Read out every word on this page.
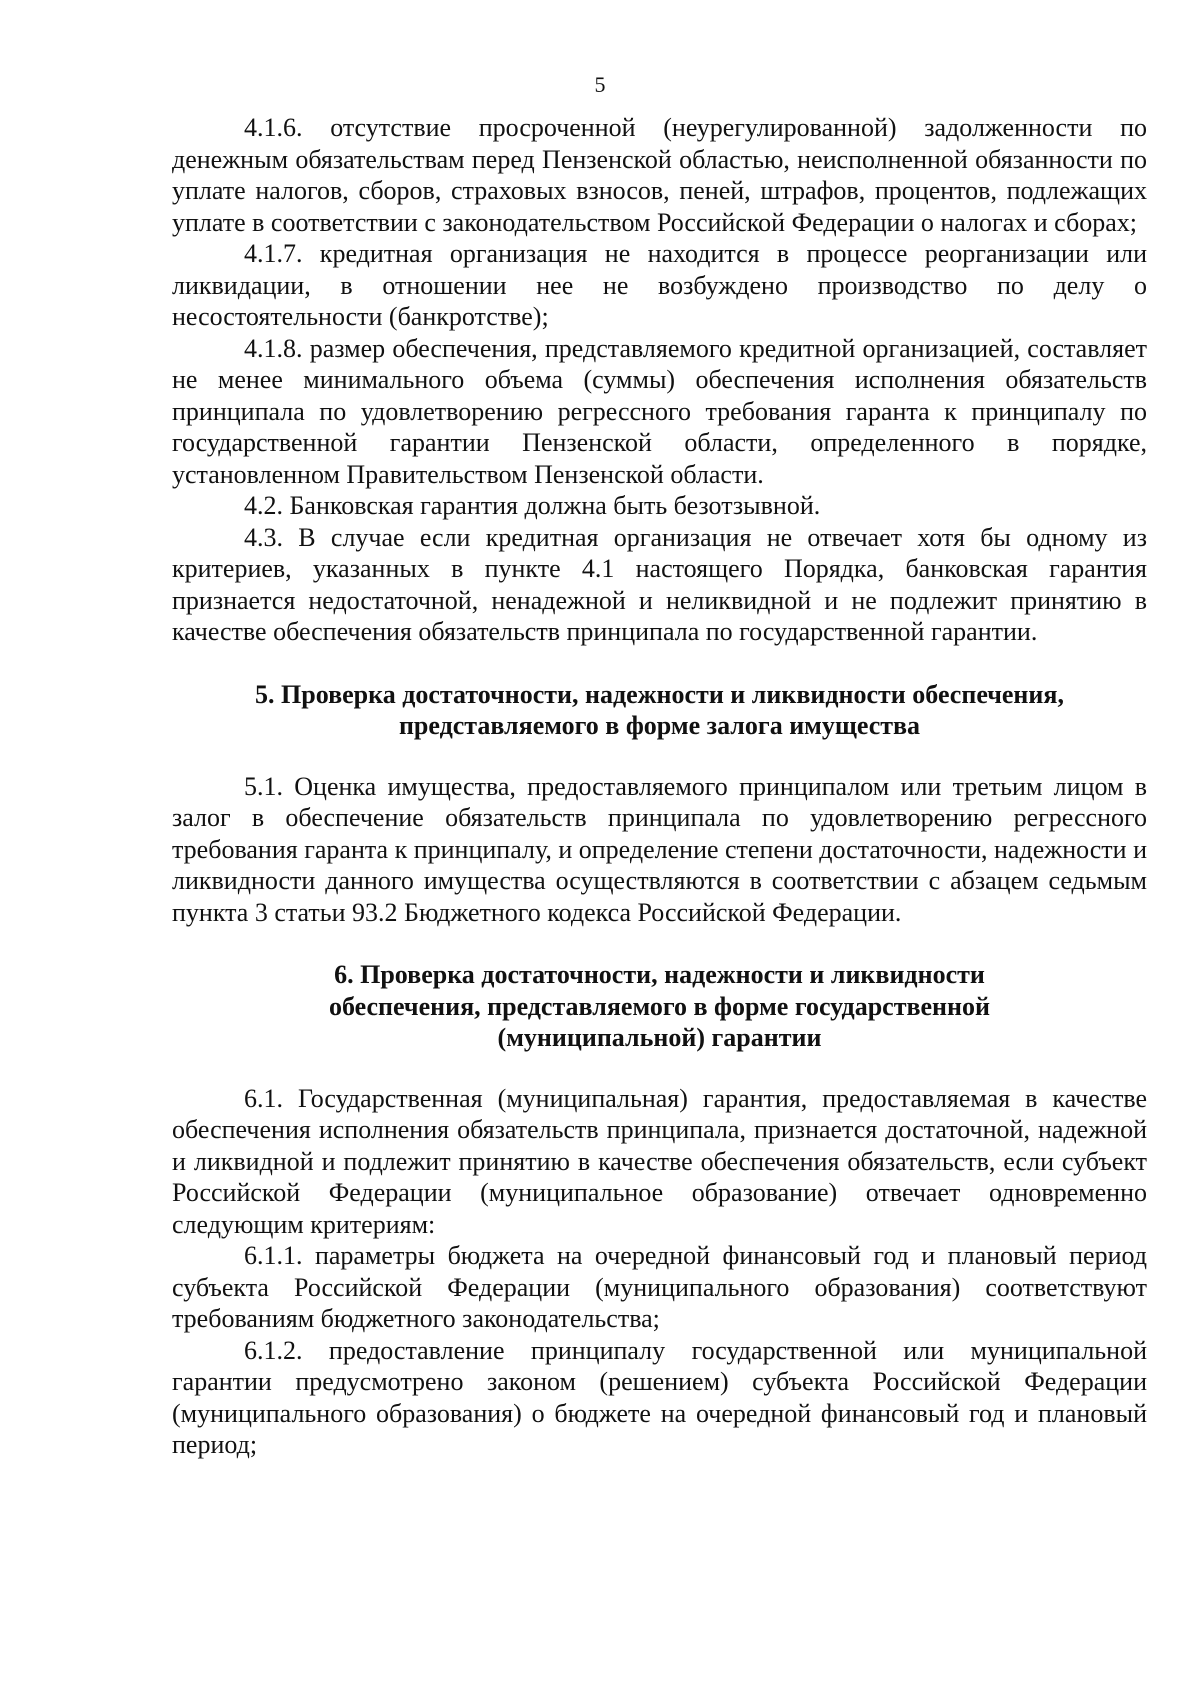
5

4.1.6. отсутствие просроченной (неурегулированной) задолженности по денежным обязательствам перед Пензенской областью, неисполненной обязанности по уплате налогов, сборов, страховых взносов, пеней, штрафов, процентов, подлежащих уплате в соответствии с законодательством Российской Федерации о налогах и сборах;

4.1.7. кредитная организация не находится в процессе реорганизации или ликвидации, в отношении нее не возбуждено производство по делу о несостоятельности (банкротстве);

4.1.8. размер обеспечения, представляемого кредитной организацией, составляет не менее минимального объема (суммы) обеспечения исполнения обязательств принципала по удовлетворению регрессного требования гаранта к принципалу по государственной гарантии Пензенской области, определенного в порядке, установленном Правительством Пензенской области.

4.2. Банковская гарантия должна быть безотзывной.

4.3. В случае если кредитная организация не отвечает хотя бы одному из критериев, указанных в пункте 4.1 настоящего Порядка, банковская гарантия признается недостаточной, ненадежной и неликвидной и не подлежит принятию в качестве обеспечения обязательств принципала по государственной гарантии.

5. Проверка достаточности, надежности и ликвидности обеспечения,
представляемого в форме залога имущества

5.1. Оценка имущества, предоставляемого принципалом или третьим лицом в залог в обеспечение обязательств принципала по удовлетворению регрессного требования гаранта к принципалу, и определение степени достаточности, надежности и ликвидности данного имущества осуществляются в соответствии с абзацем седьмым пункта 3 статьи 93.2 Бюджетного кодекса Российской Федерации.

6. Проверка достаточности, надежности и ликвидности
обеспечения, представляемого в форме государственной
(муниципальной) гарантии

6.1. Государственная (муниципальная) гарантия, предоставляемая в качестве обеспечения исполнения обязательств принципала, признается достаточной, надежной и ликвидной и подлежит принятию в качестве обеспечения обязательств, если субъект Российской Федерации (муниципальное образование) отвечает одновременно следующим критериям:

6.1.1. параметры бюджета на очередной финансовый год и плановый период субъекта Российской Федерации (муниципального образования) соответствуют требованиям бюджетного законодательства;

6.1.2. предоставление принципалу государственной или муниципальной гарантии предусмотрено законом (решением) субъекта Российской Федерации (муниципального образования) о бюджете на очередной финансовый год и плановый период;
